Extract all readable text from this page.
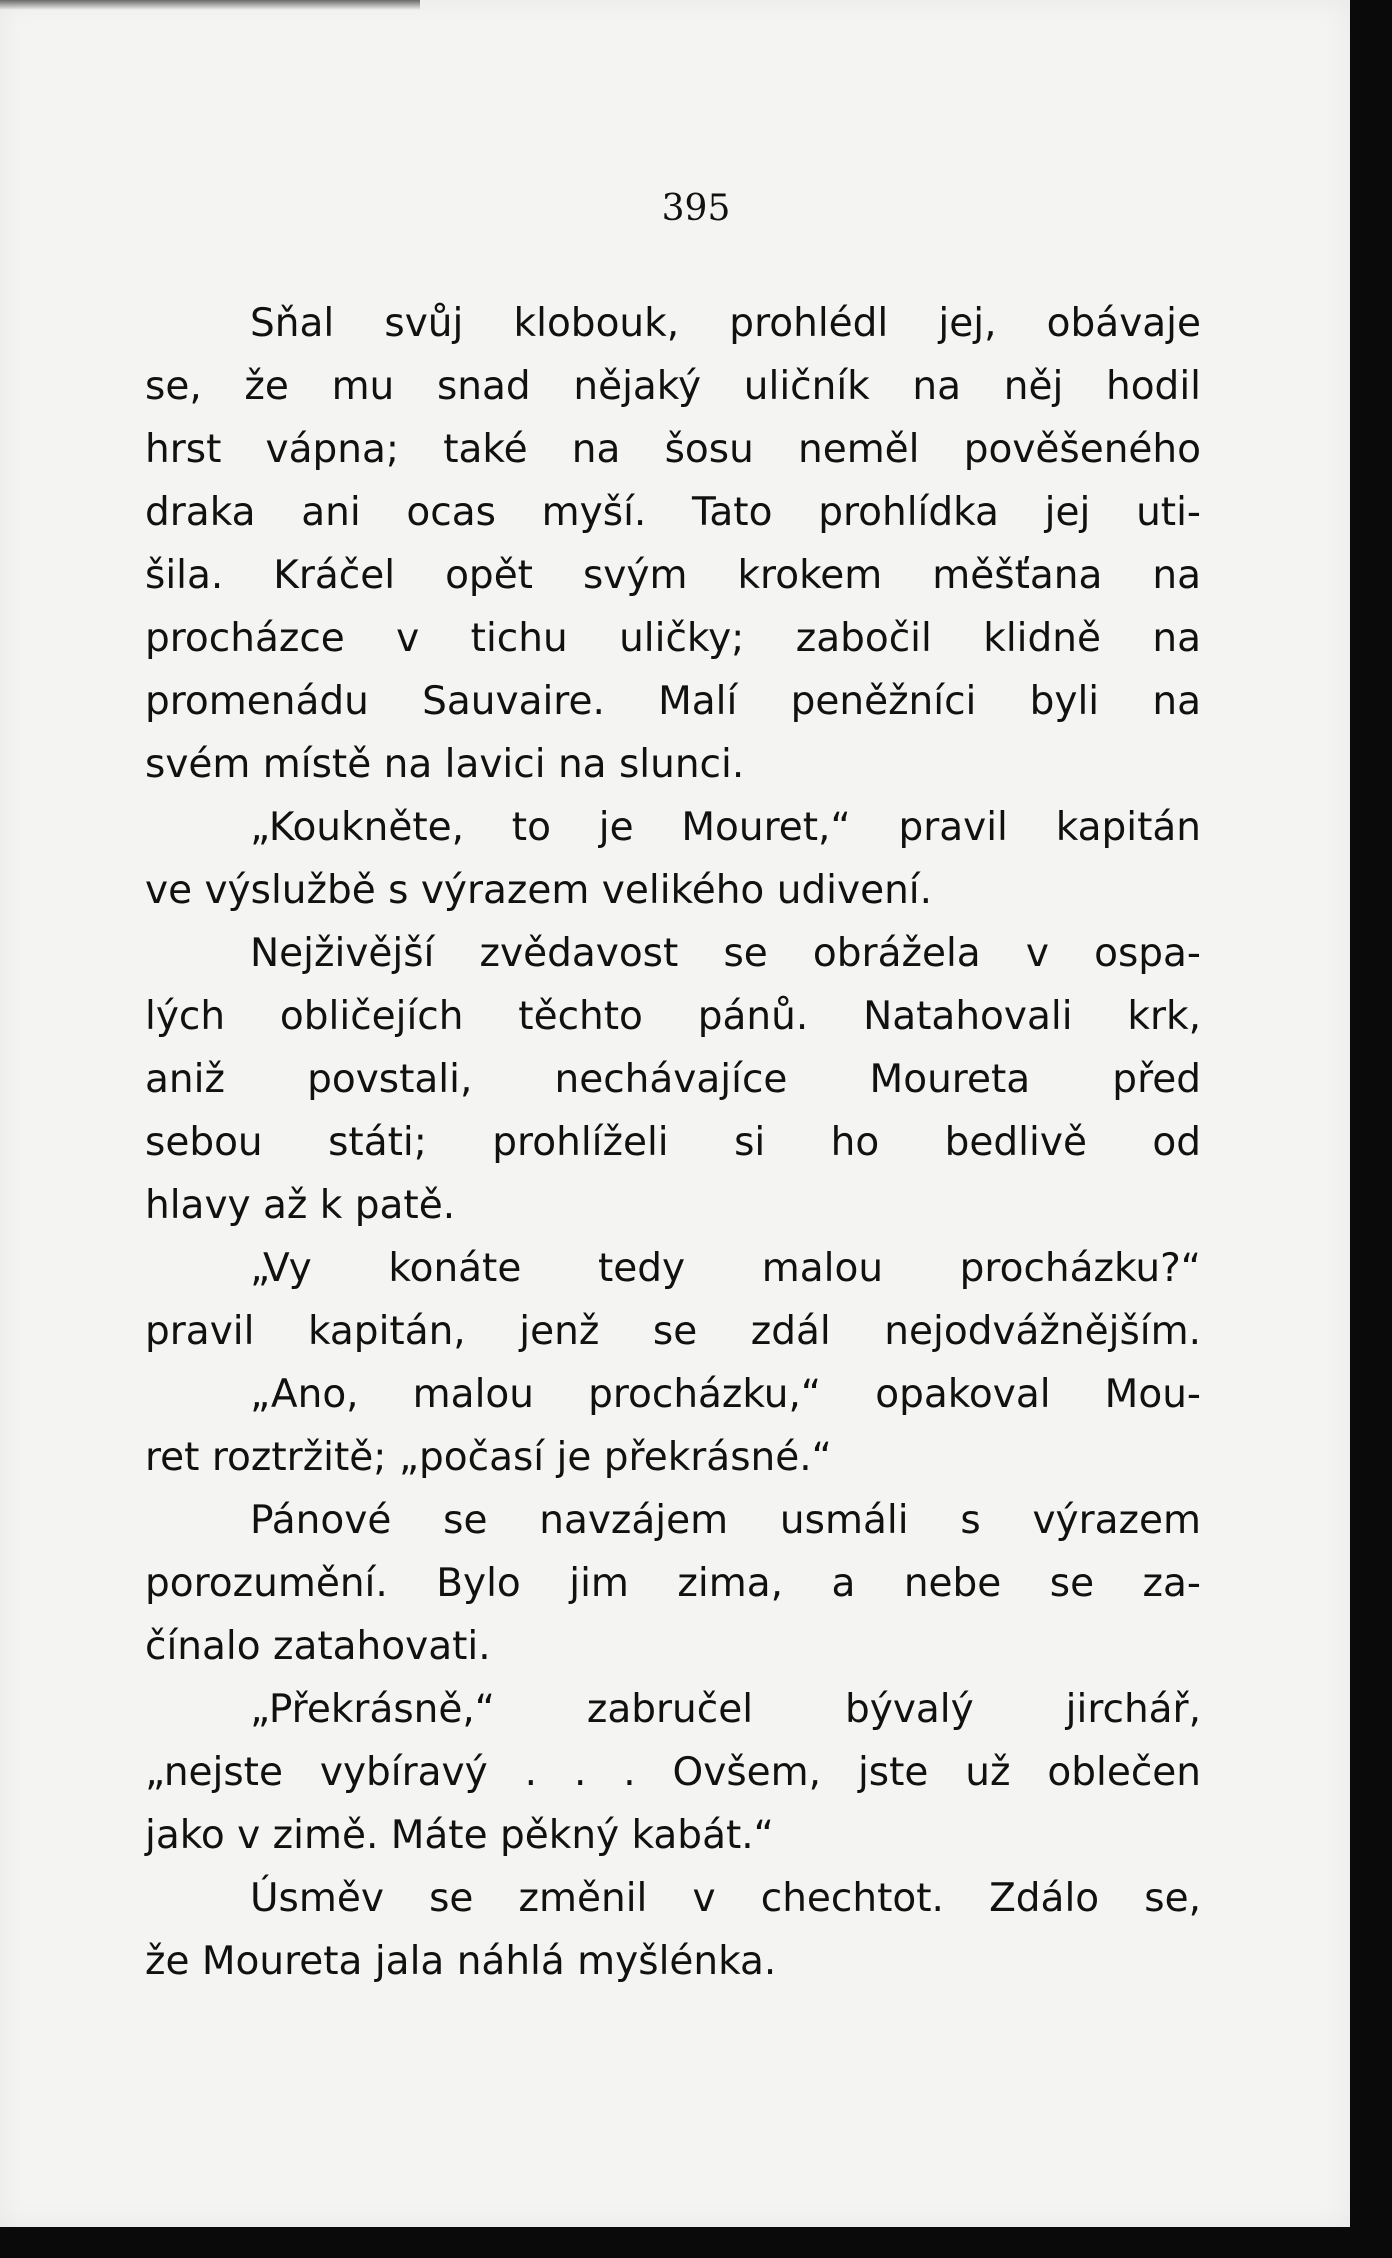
395
Sňal svůj klobouk, prohlédl jej, obávaje
se, že mu snad nějaký uličník na něj hodil
hrst vápna; také na šosu neměl pověšeného
draka ani ocas myší. Tato prohlídka jej uti-
šila. Kráčel opět svým krokem měšťana na
procházce v tichu uličky; zabočil klidně na
promenádu Sauvaire. Malí peněžníci byli na
svém místě na lavici na slunci.
„Koukněte, to je Mouret,“ pravil kapitán
ve výslužbě s výrazem velikého udivení.
Nejživější zvědavost se obrážela v ospa-
lých obličejích těchto pánů. Natahovali krk,
aniž povstali, nechávajíce Moureta před
sebou státi; prohlíželi si ho bedlivě od
hlavy až k patě.
„Vy konáte tedy malou procházku?“
pravil kapitán, jenž se zdál nejodvážnějším.
„Ano, malou procházku,“ opakoval Mou-
ret roztržitě; „počasí je překrásné.“
Pánové se navzájem usmáli s výrazem
porozumění. Bylo jim zima, a nebe se za-
čínalo zatahovati.
„Překrásně,“ zabručel bývalý jirchář,
„nejste vybíravý . . . Ovšem, jste už oblečen
jako v zimě. Máte pěkný kabát.“
Úsměv se změnil v chechtot. Zdálo se,
že Moureta jala náhlá myšlénka.
